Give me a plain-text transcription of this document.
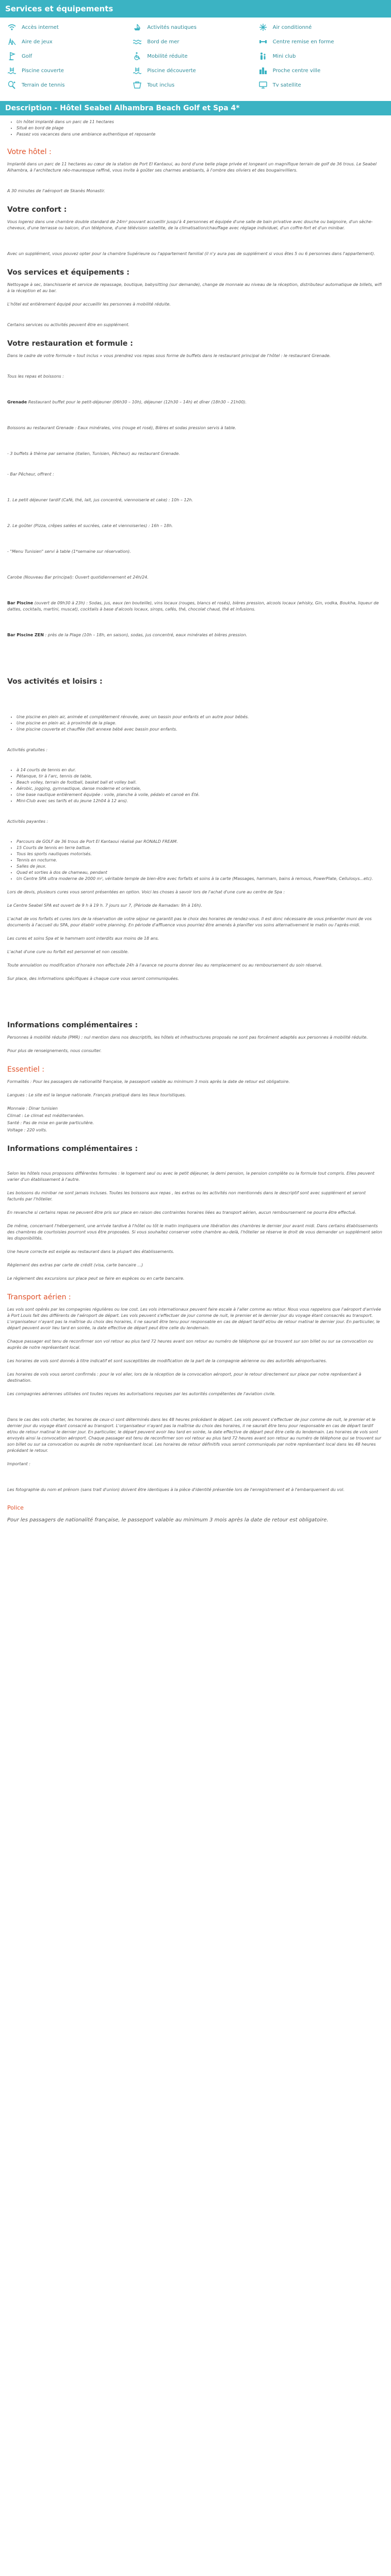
Services et équipements
Accès internet	Activités nautiques	Air conditionné
Aire de jeux	Bord de mer	Centre remise en forme
Golf	Mobilité réduite	Mini club
Piscine couverte	Piscine découverte	Proche centre ville
Terrain de tennis	Tout inclus	Tv satellite
Description - Hôtel Seabel Alhambra Beach Golf et Spa 4*
• Un hôtel implanté dans un parc de 11 hectares
• Situé en bord de plage
• Passez vos vacances dans une ambiance authentique et reposante
Votre hôtel :

Implanté dans un parc de 11 hectares au cœur de la station de Port El Kantaoui, au bord d'une belle plage privée et longeant un magnifique terrain de golf de 36 trous. Le Seabel Alhambra, à l'architecture néo-mauresque raffiné, vous invite à goûter ses charmes arabisants, à l'ombre des oliviers et des bougainvilliers.

A 30 minutes de l'aéroport de Skanès Monastir.

Votre confort :

Vous logerez dans une chambre double standard de 24m² pouvant accueillir jusqu'à 4 personnes et équipée d'une salle de bain privative avec douche ou baignoire, d'un sèche-cheveux, d'une terrasse ou balcon, d'un téléphone, d'une télévision satellite, de la climatisation/chauffage avec réglage individuel, d'un coffre-fort et d'un minibar.

Avec un supplément, vous pouvez opter pour la chambre Supérieure ou l'appartement familial (il n'y aura pas de supplément si vous êtes 5 ou 6 personnes dans l'appartement).

Vos services et équipements :

Nettoyage à sec, blanchisserie et service de repassage, boutique, babysitting (sur demande), change de monnaie au niveau de la réception, distributeur automatique de billets, wifi à la réception et au bar.

L'hôtel est entièrement équipé pour accueillir les personnes à mobilité réduite.

Certains services ou activités peuvent être en supplément.

Votre restauration et formule :

Dans le cadre de votre formule « tout inclus » vous prendrez vos repas sous forme de buffets dans le restaurant principal de l'hôtel : le restaurant Grenade.

Tous les repas et boissons :

Grenade Restaurant buffet pour le petit-déjeuner (06h30 – 10h), déjeuner (12h30 – 14h) et dîner (18h30 – 21h00).

Boissons au restaurant Grenade : Eaux minérales, vins (rouge et rosé), Bières et sodas pression servis à table.

- 3 buffets à thème par semaine (italien, Tunisien, Pêcheur) au restaurant Grenade.

- Bar Pêcheur, offrent :

1. Le petit déjeuner tardif (Café, thé, lait, jus concentré, viennoiserie et cake) : 10h – 12h.

2. Le goûter (Pizza, crêpes salées et sucrées, cake et viennoiseries) : 16h – 18h.

- "Menu Tunisien" servi à table (1*semaine sur réservation).

Carobe (Nouveau Bar principal): Ouvert quotidiennement et 24h/24.

Bar Piscine (ouvert de 09h30 à 23h) : Sodas, jus, eaux (en bouteille), vins locaux (rouges, blancs et rosés), bières pression, alcools locaux (whisky, Gin, vodka, Boukha, liqueur de dattes, cocktails, martini, muscat), cocktails à base d'alcools locaux, sirops, cafés, thé, chocolat chaud, thé et infusions.

Bar Piscine ZEN : près de la Plage (10h – 18h, en saison), sodas, jus concentré, eaux minérales et bières pression.

Vos activités et loisirs :
• Une piscine en plein air, animée et complètement rénovée, avec un bassin pour enfants et un autre pour bébés.
• Une piscine en plein air, à proximité de la plage.
• Une piscine couverte et chauffée (fait annexe bébé avec bassin pour enfants.

Activités gratuites :

• à 14 courts de tennis en dur.
• Pétanque, tir à l'arc, tennis de table,
• Beach volley, terrain de football, basket ball et volley ball.
• Aérobic, jogging, gymnastique, danse moderne et orientale,
• Une base nautique entièrement équipée : voile, planche à voile, pédalo et canoë en Été.
• Mini-Club avec ses tarifs et du jeune 12h04 à 12 ans).

Activités payantes :

• Parcours de GOLF de 36 trous de Port El Kantaoui réalisé par RONALD FREAM.
• 15 Courts de tennis en terre battue.
• Tous les sports nautiques motorisés.
• Tennis en nocturne.
• Salles de jeux.
• Quad et sorties à dos de chameau, pendant
• Un Centre SPA ultra moderne de 2000 m², véritable temple de bien-être avec forfaits et soins à la carte (Massages, hammam, bains à remous, PowerPlate, Cellulosys...etc).

Lors de devis, plusieurs cures vous seront présentées en option. Voici les choses à savoir lors de l'achat d'une cure au centre de Spa :

Le Centre Seabel SPA est ouvert de 9 h à 19 h. 7 jours sur 7, (Période de Ramadan: 9h à 16h).

L'achat de vos forfaits et cures lors de la réservation de votre séjour ne garantit pas le choix des horaires de rendez-vous. Il est donc nécessaire de vous présenter muni de vos documents à l'accueil du SPA, pour établir votre planning. En période d'affluence vous pourriez être amenés à planifier vos soins alternativement le matin ou l'après-midi.

Les cures et soins Spa et le hammam sont interdits aux moins de 18 ans.

L'achat d'une cure ou forfait est personnel et non cessible.

Toute annulation ou modification d'horaire non effectuée 24h à l'avance ne pourra donner lieu au remplacement ou au remboursement du soin réservé.

Sur place, des informations spécifiques à chaque cure vous seront communiquées.

Informations complémentaires :

Personnes à mobilité réduite (PMR) : nul mention dans nos descriptifs, les hôtels et infrastructures proposés ne sont pas forcément adaptés aux personnes à mobilité réduite.

Pour plus de renseignements, nous consulter.

Essentiel :

Formalités : Pour les passagers de nationalité française, le passeport valable au minimum 3 mois après la date de retour est obligatoire.

Langues : Le site est la langue nationale. Français pratiqué dans les lieux touristiques.

Monnaie : Dinar tunisien

Climat : Le climat est méditerranéen.

Santé : Pas de mise en garde particulière.

Voltage : 220 volts.

Informations complémentaires :

Selon les hôtels nous proposons différentes formules : le logement seul ou avec le petit déjeuner, la demi pension, la pension complète ou la formule tout compris. Elles peuvent varier d'un établissement à l'autre.

Les boissons du minibar ne sont jamais incluses. Toutes les boissons aux repas , les extras ou les activités non mentionnés dans le descriptif sont avec supplément et seront facturés par l'hôtelier.

En revanche si certains repas ne peuvent être pris sur place en raison des contraintes horaires liées au transport aérien, aucun remboursement ne pourra être effectué.

De même, concernant l'hébergement, une arrivée tardive à l'hôtel ou tôt le matin impliquera une libération des chambres le dernier jour avant midi. Dans certains établissements des chambres de courtoisies pourront vous être proposées. Si vous souhaitez conserver votre chambre au-delà, l'hôtelier se réserve le droit de vous demander un supplément selon les disponibilités.

Une heure correcte est exigée au restaurant dans la plupart des établissements.

Règlement des extras par carte de crédit (visa, carte bancaire ...)

Le règlement des excursions sur place peut se faire en espèces ou en carte bancaire.

Transport aérien :

Les vols sont opérés par les compagnies régulières ou low cost. Les vols internationaux peuvent faire escale à l'aller comme au retour. Nous vous rappelons que l'aéroport d'arrivée à Port Louis fait des différents de l'aéroport de départ. Les vols peuvent s'effectuer de jour comme de nuit, le premier et le dernier jour du voyage étant consacrés au transport. L'organisateur n'ayant pas la maîtrise du choix des horaires, il ne saurait être tenu pour responsable en cas de départ tardif et/ou de retour matinal le dernier jour. En particulier, le départ peuvent avoir lieu tard en soirée, la date effective de départ peut être celle du lendemain.

Chaque passager est tenu de reconfirmer son vol retour au plus tard 72 heures avant son retour au numéro de téléphone qui se trouvent sur son billet ou sur sa convocation ou auprès de notre représentant local.

Les horaires de vols sont donnés à titre indicatif et sont susceptibles de modification de la part de la compagnie aérienne ou des autorités aéroportuaires.

Les horaires de vols vous seront confirmés : pour le vol aller, lors de la réception de la convocation aéroport, pour le retour directement sur place par notre représentant à destination.

Les compagnies aériennes utilisées ont toutes reçues les autorisations requises par les autorités compétentes de l'aviation civile.

Dans le cas des vols charter, les horaires de ceux-ci sont déterminés dans les 48 heures précédant le départ. Les vols peuvent s'effectuer de jour comme de nuit, le premier et le dernier jour du voyage étant consacré au transport. L'organisateur n'ayant pas la maîtrise du choix des horaires, il ne saurait être tenu pour responsable en cas de départ tardif et/ou de retour matinal le dernier jour. En particulier, le départ peuvent avoir lieu tard en soirée, la date effective de départ peut être celle du lendemain. Les horaires de vols sont envoyés ainsi la convocation aéroport. Chaque passager est tenu de reconfirmer son vol retour au plus tard 72 heures avant son retour au numéro de téléphone qui se trouvent sur son billet ou sur sa convocation ou auprès de notre représentant local. Les horaires de retour définitifs vous seront communiqués par notre représentant local dans les 48 heures précédant le retour.

Important :

Les fotographie du nom et prénom (sans trait d'union) doivent être identiques à la pièce d'identité présentée lors de l'enregistrement et à l'embarquement du vol.

Police

Pour les passagers de nationalité française, le passeport valable au minimum 3 mois après la date de retour est obligatoire.
